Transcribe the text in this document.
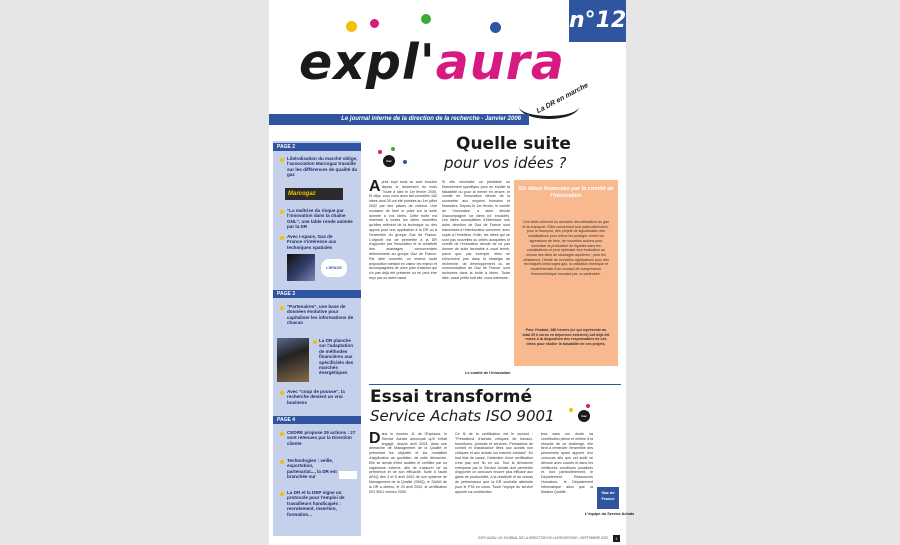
expl'aura
n°12
Le journal interne de la direction de la recherche - Janvier 2006
La DR en marche
PAGE 2
Libéralisation du marché oblige, l'association Marcogaz travaille sur les différences de qualité du gaz
Marcogaz
"La maîtrise du risque par l'innovation dans la chaîne GNL", une table ronde animée par la DR
Avec I-space, Gaz de France s'intéresse aux techniques spatiales
i-SPACE
PAGE 3
"Partenaires", une base de données évolutive pour capitaliser les informations de chacun
La DR planche sur l'adaptation de méthodes financières aux spécificités des marchés énergétiques
Avec "coup de pousse", la recherche devient un vrai business
PAGE 4
CEDRE propose 29 actions : 27 sont retenues par la Direction cliente
Technologies : veille, exportation, partenariat..., la DR est branchée sur
La DR et la DEP signe un protocole pour l'emploi de travailleurs handicapés : recrutement, insertion, formation...
Gaz innove
Quelle suite
pour vos idées ?
Après sept mois se sont écoulés depuis le lancement du mois "Toute à idée le 1er février 2005. Et déjà, vous nous avez fait connaître 182 idées dont 26 ont été primées au 1er juillet 2002 par des places de cinéma. Une occasion de faire le point sur la suite donnée à vos idées. Cette boîte est réservée à toutes les idées nouvelles qu'elles relèvent de la technique ou des appuis pour une application à la DR ou à l'ensemble du groupe Gaz de France. L'objectif est de permettre à la DR d'apporter par l'innovation et la créativité des avantages concurrentiels déterminants au groupe Gaz de France. Par idée nouvelle, on entend toute proposition mettant en valeur les enjeux et accompagnées de votre plan d'actions qui n'a pas déjà été présenté ou ne peut être reçu par un autre canal.
Si elle nécessite un préalable un financement spécifique pour en étudier la faisabilité ou pour la mener en œuvre, le comité de l'innovation décide de la soumettre aux moyens humains et financiers. Depuis le 1er février, le comité de l'innovation a ainsi décidé d'accompagner six idées (cf. encadré). Les idées susceptibles d'intéresser une autre direction de Gaz de France sont transmises à l'interlocuteur concerné, avec copie à l'émetteur. Enfin, les idées qui ne sont pas nouvelles ou celles auxquelles le comité de l'innovation décide de ne pas donner de suite favorable à court terme, parce que, par exemple, elles ne s'inscrivent pas dans la stratégie de recherche, de développement ou de communication de Gaz de France, sont archivées dans la boîte à idées. Toute idée, aussi petite soit-elle, nous intéresse.
Le comité de l'innovation
Six idées financées par le comité de l'innovation
Ces idées relèvent du domaine des utilisations du gaz et du transport. Elles concernent tout particulièrement : pour le transport, des projets de signalisation des canalisations pour mieux les protéger contre les agressions de tiers, de nouvelles actions pour minimiser la production de liquides dans les canalisations et pour optimiser leur évaluation au niveau des sites de stockages aquifères ; pour les utilisateurs, l'étude de nouvelles applications pour des techniques infrarouges gaz, la validation théorique et expérimentale d'un concept de compresseur thermochimique innovant par un partenaire.
Pour l'instant, 380 heures (ce qui représente au total 25 k euros en dépenses externes) ont déjà été mises à la disposition des responsables de ces idées pour étudier la faisabilité de ces projets.
Essai transformé
Service Achats ISO 9001	Gaz innove
Dans le numéro 11 de l'Explaura, le Service Achats annonçait qu'il s'était engagé, depuis avril 2003, dans une démarche de Management de la Qualité et présentait les objectifs et les modalités d'application au quotidien, de cette démarche. Elle se devait d'être auditée et certifiée par un organisme externe, afin de s'assurer de sa pertinence et de son efficacité. Suite à l'audit AFAQ des 3 et 5 avril 2002 de son système de Management de la Qualité (SMQ), le SAAM de la DR a obtenu, le 23 avril 2002, la certification ISO 9001 version 2000.
Ce fil de la certification est le suivant : "Prestations d'achats critiques de travaux, fournitures, produits et services, Prestations de conseil et d'assistance liées aux achats non critiques et aux achats sur marché existant". En tout état de cause, l'obtention d'une certification n'est pas une fin en soi. Tout la démarche entreprise par le Service Achats doit permettre d'apporter un concours encore plus efficace aux gains de productivité, à la réactivité et au niveau de performance que la DR souhaite atteindre pour le PTA en cours. Toute l'équipe du service apporte sa contribution.
tera sans nul doute sa contribution pleine et entière à la réussite de ce challenge, elle tient à remercier l'ensemble des personnels ayant apporté leur concours afin que cet audit se déroule avec succès et dans les meilleures conditions possibles et, tout particulièrement, le Département Ressources Humaines, le Département Informatique ainsi que la Mission Qualité.	Gaz de France
L'équipe du Service Achats
EXPL'AURA • LE JOURNAL DE LA DIRECTION DE LA RECHERCHE • SEPTEMBRE 2002	1
